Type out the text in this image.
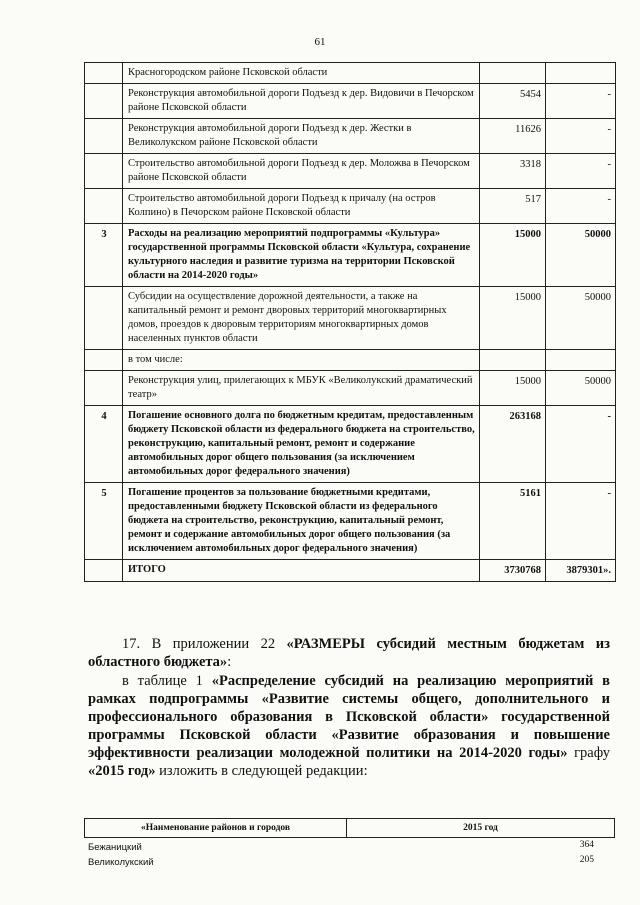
61
	Красногородском районе Псковской области		
	Реконструкция автомобильной дороги Подъезд к дер. Видовичи в Печорском районе Псковской области	5454	-
	Реконструкция автомобильной дороги Подъезд к дер. Жестки в Великолукском районе Псковской области	11626	-
	Строительство автомобильной дороги Подъезд к дер. Моложва в Печорском районе Псковской области	3318	-
	Строительство автомобильной дороги Подъезд к причалу (на остров Колпино) в Печорском районе Псковской области	517	-
3	Расходы на реализацию мероприятий подпрограммы «Культура» государственной программы Псковской области «Культура, сохранение культурного наследия и развитие туризма на территории Псковской области на 2014-2020 годы»	15000	50000
	Субсидии на осуществление дорожной деятельности, а также на капитальный ремонт и ремонт дворовых территорий многоквартирных домов, проездов к дворовым территориям многоквартирных домов населенных пунктов области	15000	50000
	в том числе:		
	Реконструкция улиц, прилегающих к МБУК «Великолукский драматический театр»	15000	50000
4	Погашение основного долга по бюджетным кредитам, предоставленным бюджету Псковской области из федерального бюджета на строительство, реконструкцию, капитальный ремонт, ремонт и содержание автомобильных дорог общего пользования (за исключением автомобильных дорог федерального значения)	263168	-
5	Погашение процентов за пользование бюджетными кредитами, предоставленными бюджету Псковской области из федерального бюджета на строительство, реконструкцию, капитальный ремонт, ремонт и содержание автомобильных дорог общего пользования (за исключением автомобильных дорог федерального значения)	5161	-
	ИТОГО	3730768	3879301».
17. В приложении 22 «РАЗМЕРЫ субсидий местным бюджетам из областного бюджета»:
в таблице 1 «Распределение субсидий на реализацию мероприятий в рамках подпрограммы «Развитие системы общего, дополнительного и профессионального образования в Псковской области» государственной программы Псковской области «Развитие образования и повышение эффективности реализации молодежной политики на 2014-2020 годы» графу «2015 год» изложить в следующей редакции:
«Наименование районов и городов	2015 год
Бежаницкий	364
Великолукский	205
